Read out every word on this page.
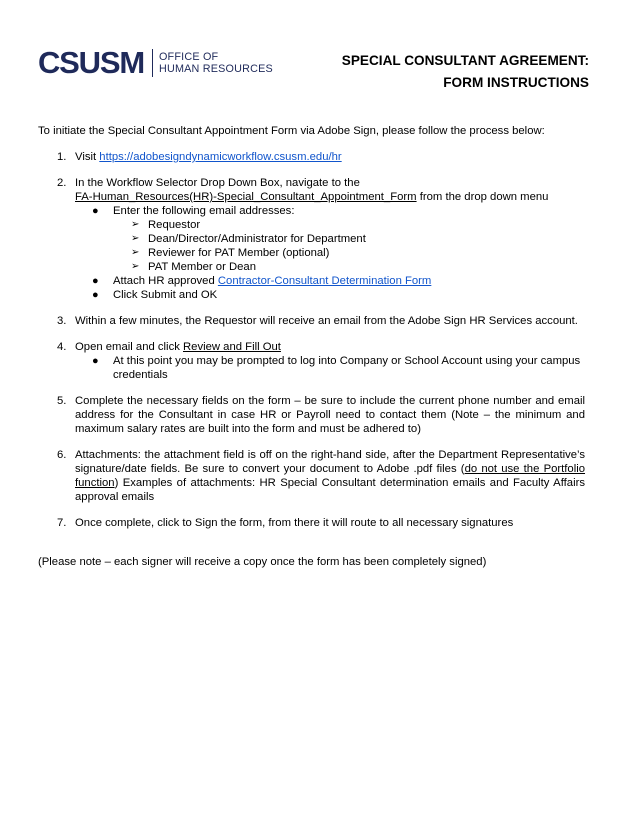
CSUSM OFFICE OF
HUMAN RESOURCES
SPECIAL CONSULTANT AGREEMENT:
FORM INSTRUCTIONS

To initiate the Special Consultant Appointment Form via Adobe Sign, please follow the process below:

1. Visit https://adobesigndynamicworkflow.csusm.edu/hr
2. In the Workflow Selector Drop Down Box, navigate to the
FA-Human_Resources(HR)-Special_Consultant_Appointment_Form from the drop down menu
● Enter the following email addresses:
➢ Requestor
➢ Dean/Director/Administrator for Department
➢ Reviewer for PAT Member (optional)
➢ PAT Member or Dean
● Attach HR approved Contractor-Consultant Determination Form
● Click Submit and OK
3. Within a few minutes, the Requestor will receive an email from the Adobe Sign HR Services account.
4. Open email and click Review and Fill Out
● At this point you may be prompted to log into Company or School Account using your campus credentials
5. Complete the necessary fields on the form – be sure to include the current phone number and email address for the Consultant in case HR or Payroll need to contact them (Note – the minimum and maximum salary rates are built into the form and must be adhered to)
6. Attachments: the attachment field is off on the right-hand side, after the Department Representative’s signature/date fields. Be sure to convert your document to Adobe .pdf files (do not use the Portfolio function) Examples of attachments: HR Special Consultant determination emails and Faculty Affairs approval emails
7. Once complete, click to Sign the form, from there it will route to all necessary signatures

(Please note – each signer will receive a copy once the form has been completely signed)
